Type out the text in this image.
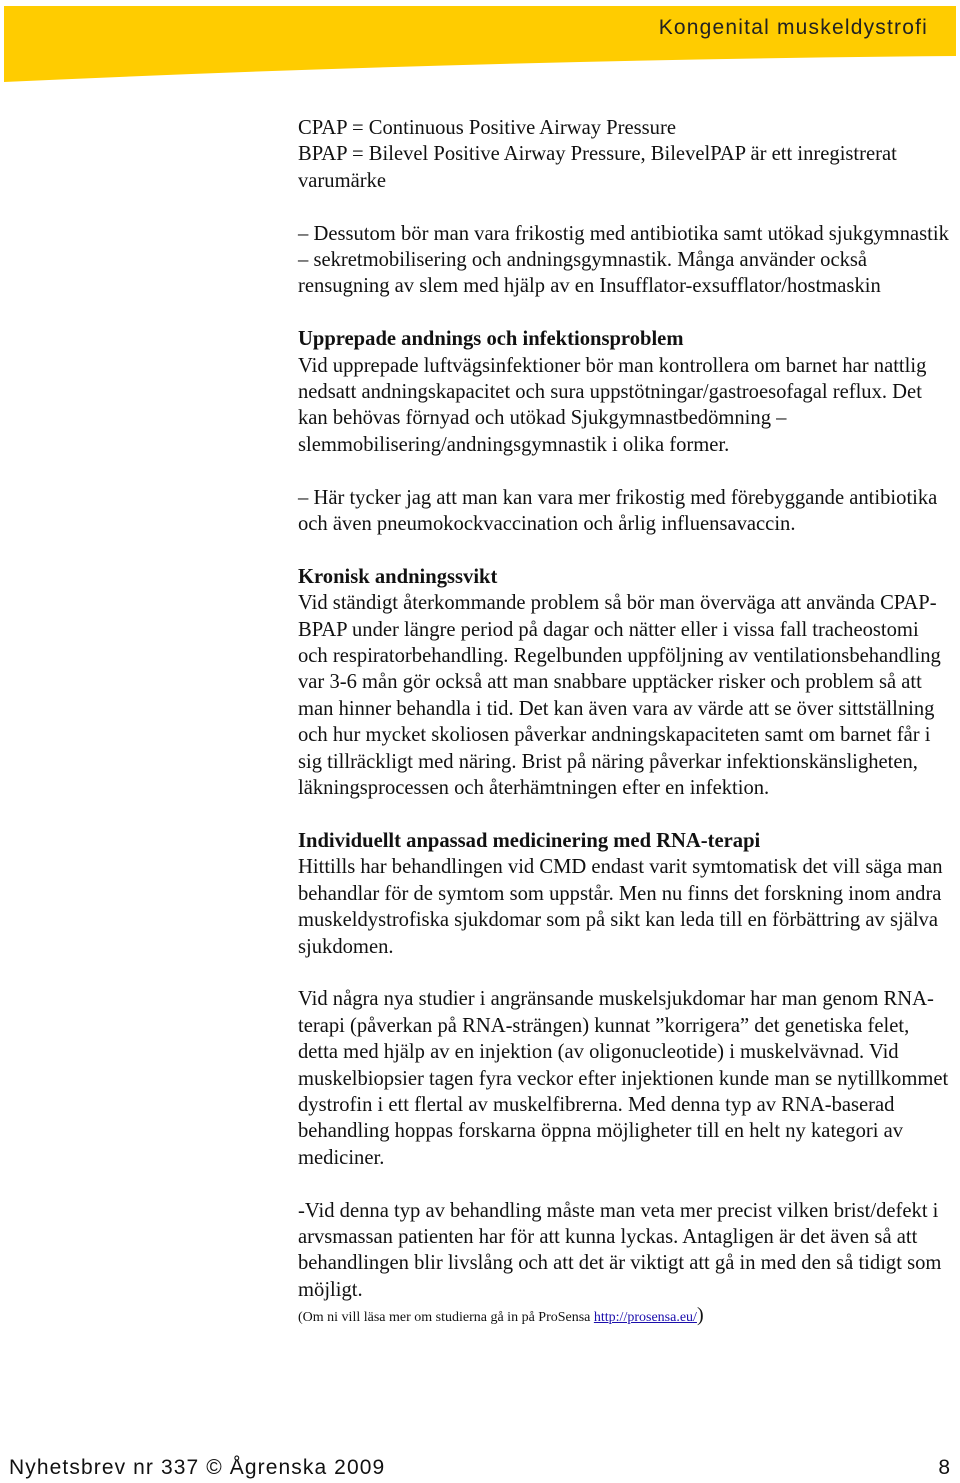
Kongenital muskeldystrofi

CPAP = Continuous Positive Airway Pressure

BPAP = Bilevel Positive Airway Pressure, BilevelPAP är ett inregistrerat varumärke

– Dessutom bör man vara frikostig med antibiotika samt utökad sjukgymnastik – sekretmobilisering och andningsgymnastik. Många använder också rensugning av slem med hjälp av en Insufflator-exsufflator/hostmaskin

Upprepade andnings och infektionsproblem
Vid upprepade luftvägsinfektioner bör man kontrollera om barnet har nattlig nedsatt andningskapacitet och sura uppstötningar/gastroesofagal reflux. Det kan behövas förnyad och utökad Sjukgymnastbedömning – slemmobilisering/andningsgymnastik i olika former.

– Här tycker jag att man kan vara mer frikostig med förebyggande antibiotika och även pneumokockvaccination och årlig influensavaccin.

Kronisk andningssvikt
Vid ständigt återkommande problem så bör man överväga att använda CPAP-BPAP under längre period på dagar och nätter eller i vissa fall tracheostomi och respiratorbehandling. Regelbunden uppföljning av ventilationsbehandling var 3-6 mån gör också att man snabbare upptäcker risker och problem så att man hinner behandla i tid. Det kan även vara av värde att se över sittställning och hur mycket skoliosen påverkar andningskapaciteten samt om barnet får i sig tillräckligt med näring. Brist på näring påverkar infektionskänsligheten, läkningsprocessen och återhämtningen efter en infektion.

Individuellt anpassad medicinering med RNA-terapi
Hittills har behandlingen vid CMD endast varit symtomatisk det vill säga man behandlar för de symtom som uppstår. Men nu finns det forskning inom andra muskeldystrofiska sjukdomar som på sikt kan leda till en förbättring av själva sjukdomen.

Vid några nya studier i angränsande muskelsjukdomar har man genom RNA-terapi (påverkan på RNA-strängen) kunnat ”korrigera” det genetiska felet, detta med hjälp av en injektion (av oligonucleotide) i muskelvävnad. Vid muskelbiopsier tagen fyra veckor efter injektionen kunde man se nytillkommet dystrofin i ett flertal av muskelfibrerna. Med denna typ av RNA-baserad behandling hoppas forskarna öppna möjligheter till en helt ny kategori av mediciner.

-Vid denna typ av behandling måste man veta mer precist vilken brist/defekt i arvsmassan patienten har för att kunna lyckas. Antagligen är det även så att behandlingen blir livslång och att det är viktigt att gå in med den så tidigt som möjligt.

(Om ni vill läsa mer om studierna gå in på ProSensa http://prosensa.eu/)
Nyhetsbrev nr 337 © Ågrenska 2009	8
